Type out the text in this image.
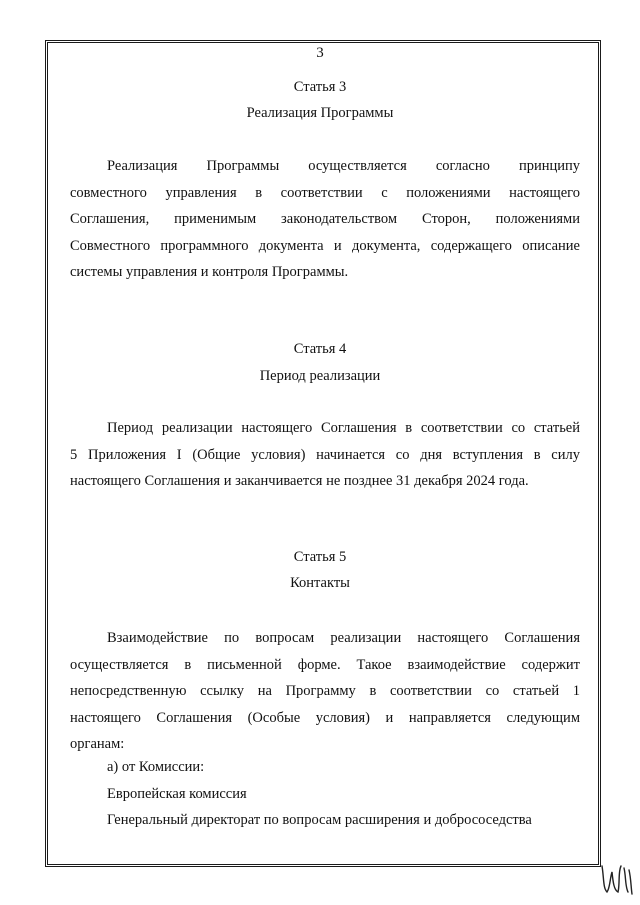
3
Статья 3
Реализация Программы
Реализация Программы осуществляется согласно принципу
совместного управления в соответствии с положениями настоящего
Соглашения, применимым законодательством Сторон, положениями
Совместного программного документа и документа, содержащего описание
системы управления и контроля Программы.
Статья 4
Период реализации
Период реализации настоящего Соглашения в соответствии со статьей
5 Приложения I (Общие условия) начинается со дня вступления в силу
настоящего Соглашения и заканчивается не позднее 31 декабря 2024 года.
Статья 5
Контакты
Взаимодействие по вопросам реализации настоящего Соглашения
осуществляется в письменной форме. Такое взаимодействие содержит
непосредственную ссылку на Программу в соответствии со статьей 1
настоящего Соглашения (Особые условия) и направляется следующим
органам:
а) от Комиссии:
Европейская комиссия
Генеральный директорат по вопросам расширения и добрососедства
